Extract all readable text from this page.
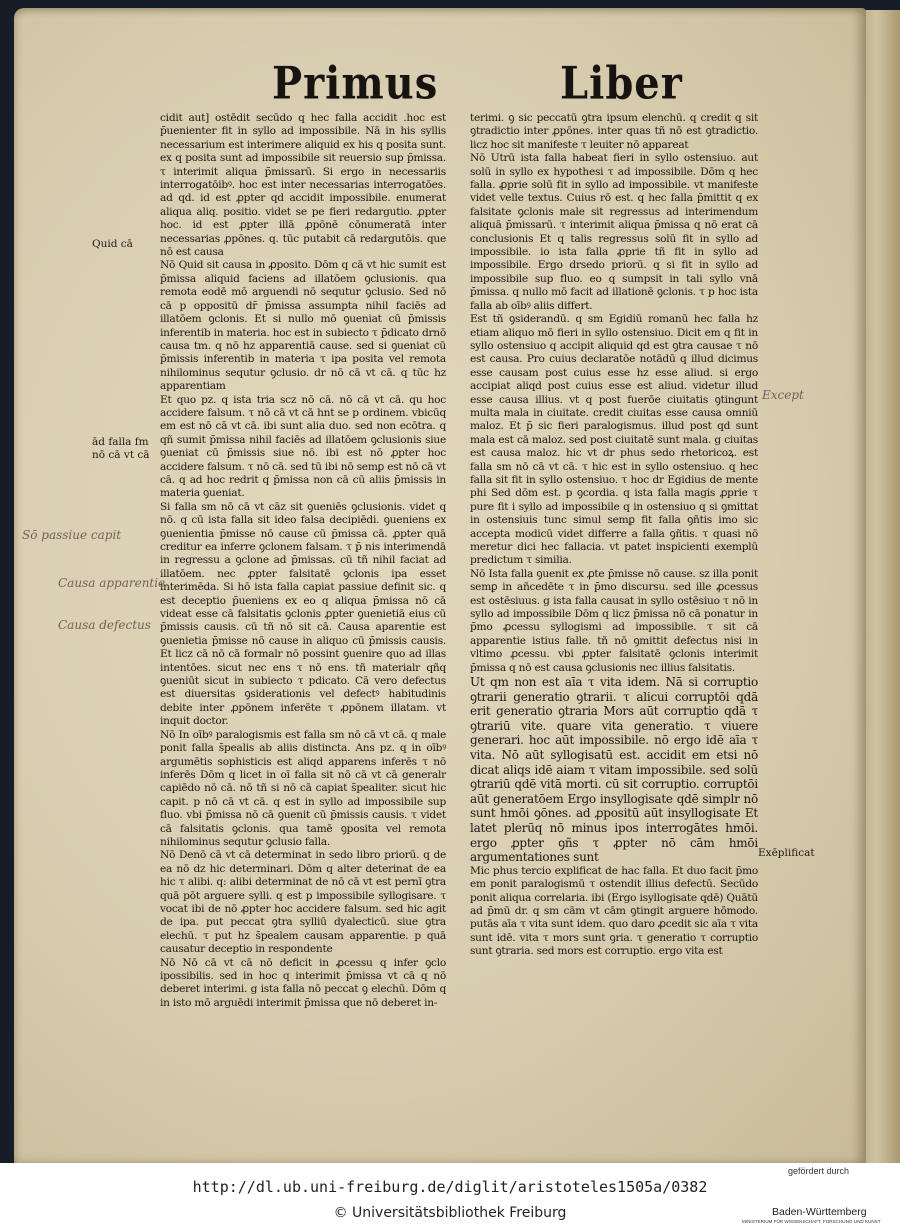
Primus	Liber

cidit aut] ostēdit secūdo q hec falla accidit .hoc est p̄uenienter fit in syllo ad impossibile. Nā in his syllis necessarium est interimere aliquid ex his q posita sunt. ex q posita sunt ad impossibile sit reuersio sup p̄missa. τ interimit aliqua p̄missarū. Si ergo in necessariis interrogatōibꝰ. hoc est inter necessarias interrogatōes. ad qd. id est ꝓpter qd accidit impossibile. enumerat aliqua aliq. positio. videt se pe fieri redargutio. ꝓpter hoc. id est ꝓpter illā ꝓpōnē cōnumeratā inter necessarias ꝓpōnes. q. tūc putabit cā redargutōis. que nō est causa

Nō Quid sit causa in ꝓposito. Dōm q cā vt hic sumit est p̄missa aliquid faciens ad illatōem ꝯclusionis. qua remota eodē mō arguendi nō sequtur ꝯclusio. Sed nō cā p oppositū dr̄ p̄missa assumpta nihil faciēs ad illatōem ꝯclonis. Et si nullo mō ꝯueniat cū p̄missis inferentib in materia. hoc est in subiecto τ p̄dicato drnō causa tm. q nō hz apparentiā cause. sed si ꝯueniat cū p̄missis inferentib in materia τ ipa posita vel remota nihilominus sequtur ꝯclusio. dr nō cā vt cā. q tūc hz apparentiam

Et quo pz. q ista tria scz nō cā. nō cā vt cā. qu hoc accidere falsum. τ nō cā vt cā hnt se p ordinem. vbicūq em est nō cā vt cā. ibi sunt alia duo. sed non ecōtra. q qñ sumit p̄missa nihil faciēs ad illatōem ꝯclusionis siue ꝯueniat cū p̄missis siue nō. ibi est nō ꝓpter hoc accidere falsum. τ nō cā. sed tū ibi nō semꝑ est nō cā vt cā. q ad hoc redrit q p̄missa non cā cū aliis p̄missis in materia ꝯueniat.

Si falla sm nō cā vt cāz sit ꝯueniēs ꝯclusionis. videt q nō. q cū ista falla sit ideo falsa decipiēdi. ꝯueniens ex ꝯuenientia p̄misse nō cause cū p̄missa cā. ꝓpter quā creditur ea inferre ꝯclonem falsam. τ p̄ nis interimendā in regressu a ꝯclone ad p̄missas. cū tñ nihil faciat ad illatōem. nec ꝓpter falsitatē ꝯclonis ipa esset interimēda. Si hō ista falla capiat passiue definit sic. q est deceptio p̄ueniens ex eo q aliqua p̄missa nō cā videat esse cā falsitatis ꝯclonis ꝓpter ꝯuenietiā eius cū p̄missis causis. cū tñ nō sit cā. Causa aparentie est ꝯuenietia p̄misse nō cause in aliquo cū p̄missis causis. Et licz cā nō cā formalr nō possint ꝯuenire quo ad illas intentōes. sicut nec ens τ nō ens. tñ materialr qñq ꝯueniūt sicut in subiecto τ pdicato. Cā vero defectus est diuersitas ꝯsiderationis vel defectꝰ habitudinis debite inter ꝓpōnem inferēte τ ꝓpōnem illatam. vt inquit doctor.

Nō In oībꝰ paralogismis est falla sm nō cā vt cā. q male ponit falla s̄pealis ab aliis distincta. Ans pz. q in oībꝰ argumētis sophisticis est aliqd apparens inferēs τ nō inferēs Dōm q licet in oī falla sit nō cā vt cā generalr capiēdo nō cā. nō tñ si nō cā capiat s̄pealiter. sicut hic capit. p nō cā vt cā. q est in syllo ad impossibile sup fluo. vbi p̄missa nō cā ꝯuenit cū p̄missis causis. τ videt cā falsitatis ꝯclonis. qua tamē ꝯposita vel remota nihilominus sequtur ꝯclusio falla.

Nō Denō cā vt cā determinat in sedo libro priorū. q de ea nō dz hic determinari. Dōm q alter deterinat de ea hic τ alibi. q: alibi determinat de nō cā vt est pernī ꝯtra quā pōt arguere sylli. q est p impossibile syllogisare. τ vocat ibi de nō ꝓpter hoc accidere falsum. sed hic agit de ipa. put peccat ꝯtra sylliū dyalecticū. siue ꝯtra elechū. τ put hz s̄pealem causam apparentie. p quā causatur deceptio in respondente

Nō Nō cā vt cā nō deficit in ꝓcessu q infer ꝯclo ipossibilis. sed in hoc q interimit p̄missa vt cā q nō deberet interimi. g ista falla nō peccat ꝯ elechū. Dōm q in isto mō arguēdi interimit p̄missa que nō deberet in-

terimi. ꝯ sic peccatū ꝯtra ipsum elenchū. q credit q sit ꝯtradictio inter ꝓpōnes. inter quas tñ nō est ꝯtradictio. licz hoc sit manifeste τ leuiter nō appareat

Nō Utrū ista falla habeat fieri in syllo ostensiuo. aut solū in syllo ex hypothesi τ ad impossibile. Dōm q hec falla. ꝓprie solū fit in syllo ad impossibile. vt manifeste videt velle textus. Cuius rō est. q hec falla p̄mittit q ex falsitate ꝯclonis male sit regressus ad interimendum aliquā p̄missarū. τ interimit aliqua p̄missa q nō erat cā conclusionis Et q talis regressus solū fit in syllo ad impossibile. io ista falla ꝓprie tñ fit in syllo ad impossibile. Ergo drsedo priorū. q si fit in syllo ad impossibile sup fluo. eo q sumpsit in tali syllo vnā p̄missa. q nullo mō facit ad illationē ꝯclonis. τ p hoc ista falla ab oībꝰ aliis differt.

Est tñ ꝯsiderandū. q sm Egidiū romanū hec falla hz etiam aliquo mō fieri in syllo ostensiuo. Dicit em q fit in syllo ostensiuo q accipit aliquid qd est ꝯtra causae τ nō est causa. Pro cuius declaratōe notādū q illud dicimus esse causam post cuius esse hz esse aliud. si ergo accipiat aliqd post cuius esse est aliud. videtur illud esse causa illius. vt q post fuerōe ciuitatis ꝯtingunt multa mala in ciuitate. credit ciuitas esse causa omniū maloz. Et p̄ sic fieri paralogismus. illud post qd sunt mala est cā maloz. sed post ciuitatē sunt mala. g ciuitas est causa maloz. hic vt dr phus sedo rhetoricoꝝ. est falla sm nō cā vt cā. τ hic est in syllo ostensiuo. q hec falla sit fit in syllo ostensiuo. τ hoc dr Egidius de mente phi Sed dōm est. p ꝯcordia. q ista falla magis ꝓprie τ pure fit i syllo ad impossibile q in ostensiuo q si ꝯmittat in ostensiuis tunc simul semꝑ fit falla ꝯñtis imo sic accepta modicū videt differre a falla ꝯñtis. τ quasi nō meretur dici hec fallacia. vt patet inspicienti exemplū predictum τ similia.

Nō Ista falla ꝯuenit ex ꝓte p̄misse nō cause. sz illa ponit semꝑ in añcedēte τ in p̄mo discursu. sed ille ꝓcessus est ostēsiuus. g ista falla causat in syllo ostēsiuo τ nō in syllo ad impossibile Dōm q licz p̄missa nō cā ponatur in p̄mo ꝓcessu syllogismi ad impossibile. τ sit cā apparentie istius falle. tñ nō ꝯmittit defectus nisi in vltimo ꝓcessu. vbi ꝓpter falsitatē ꝯclonis interimit p̄missa q nō est causa ꝯclusionis nec illius falsitatis.

Ut qm non est aīa τ vita idem. Nā si corruptio ꝯtrarii generatio ꝯtrarii. τ alicui corruptōi qdā erit generatio ꝯtraria Mors aūt corruptio qdā τ ꝯtrariū vite. quare vita generatio. τ viuere generari. hoc aūt impossibile. nō ergo idē aīa τ vita. Nō aūt syllogisatū est. accidit em etsi nō dicat aliqs idē aiam τ vitam impossibile. sed solū ꝯtrariū qdē vitā morti. cū sit corruptio. corruptōi aūt generatōem Ergo insyllogisate qdē simplr nō sunt hmōi ꝯōnes. ad ꝓpositū aūt insyllogisate Et latet plerūq nō minus ipos interrogātes hmōi. ergo ꝓpter ꝯñs τ ꝓpter nō cām hmōi argumentationes sunt

Mic phus tercio explificat de hac falla. Et duo facit p̄mo em ponit paralogismū τ ostendit illius defectū. Secūdo ponit aliqua correlaria. ibi (Ergo isyllogisate qdē) Quātū ad p̄mū dr. q sm cām vt cām ꝯtingit arguere hōmodo. putās aīa τ vita sunt idem. quo daro ꝓcedit sic aīa τ vita sunt idē. vita τ mors sunt ꝯria. τ generatio τ corruptio sunt ꝯtraria. sed mors est corruptio. ergo vita est

Quid cā
ād falla fm nō cā vt cā
Exēplificat
Sō passiue capit
Causa apparentie
Causa defectus
Except
http://dl.ub.uni-freiburg.de/diglit/aristoteles1505a/0382
© Universitätsbibliothek Freiburg
gefördert durch
Baden-Württemberg
MINISTERIUM FÜR WISSENSCHAFT, FORSCHUNG UND KUNST
